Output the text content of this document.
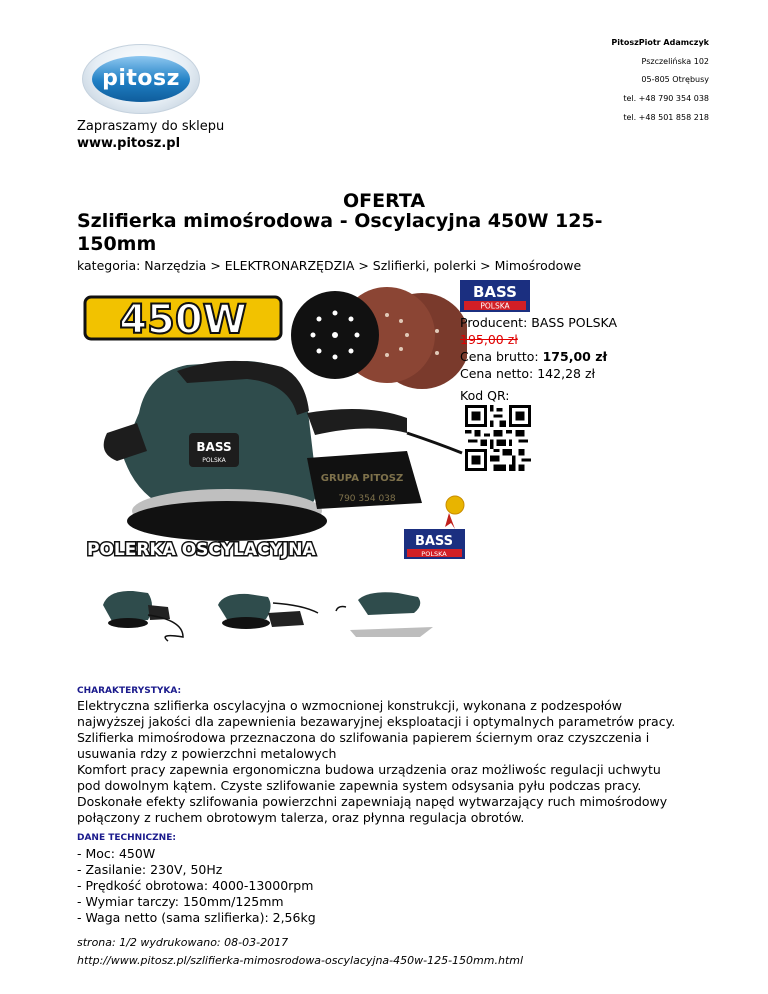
pitosz
PitoszPiotr Adamczyk
Pszczelińska 102
05-805 Otrębusy
tel. +48 790 354 038
tel. +48 501 858 218
Zapraszamy do sklepu
www.pitosz.pl
OFERTA
Szlifierka mimośrodowa - Oscylacyjna 450W 125-150mm
kategoria: Narzędzia > ELEKTRONARZĘDZIA > Szlifierki, polerki > Mimośrodowe
450W
BASS
POLSKA
GRUPA PITOSZ
790 354 038
POLERKA OSCYLACYJNA	BASS
POLSKA
BASS
POLSKA
Producent: BASS POLSKA
195,00 zł
Cena brutto: 175,00 zł
Cena netto: 142,28 zł
Kod QR:
CHARAKTERYSTYKA:
Elektryczna szlifierka oscylacyjna o wzmocnionej konstrukcji, wykonana z podzespołów
najwyższej jakości dla zapewnienia bezawaryjnej eksploatacji i optymalnych parametrów pracy.
Szlifierka mimośrodowa przeznaczona do szlifowania papierem ściernym oraz czyszczenia i
usuwania rdzy z powierzchni metalowych
Komfort pracy zapewnia ergonomiczna budowa urządzenia oraz możliwośc regulacji uchwytu
pod dowolnym kątem. Czyste szlifowanie zapewnia system odsysania pyłu podczas pracy.
Doskonałe efekty szlifowania powierzchni zapewniają napęd wytwarzający ruch mimośrodowy
połączony z ruchem obrotowym talerza, oraz płynna regulacja obrotów.
DANE TECHNICZNE:
- Moc: 450W
- Zasilanie: 230V, 50Hz
- Prędkość obrotowa: 4000-13000rpm
- Wymiar tarczy: 150mm/125mm
- Waga netto (sama szlifierka): 2,56kg
strona: 1/2 wydrukowano: 08-03-2017
http://www.pitosz.pl/szlifierka-mimosrodowa-oscylacyjna-450w-125-150mm.html
